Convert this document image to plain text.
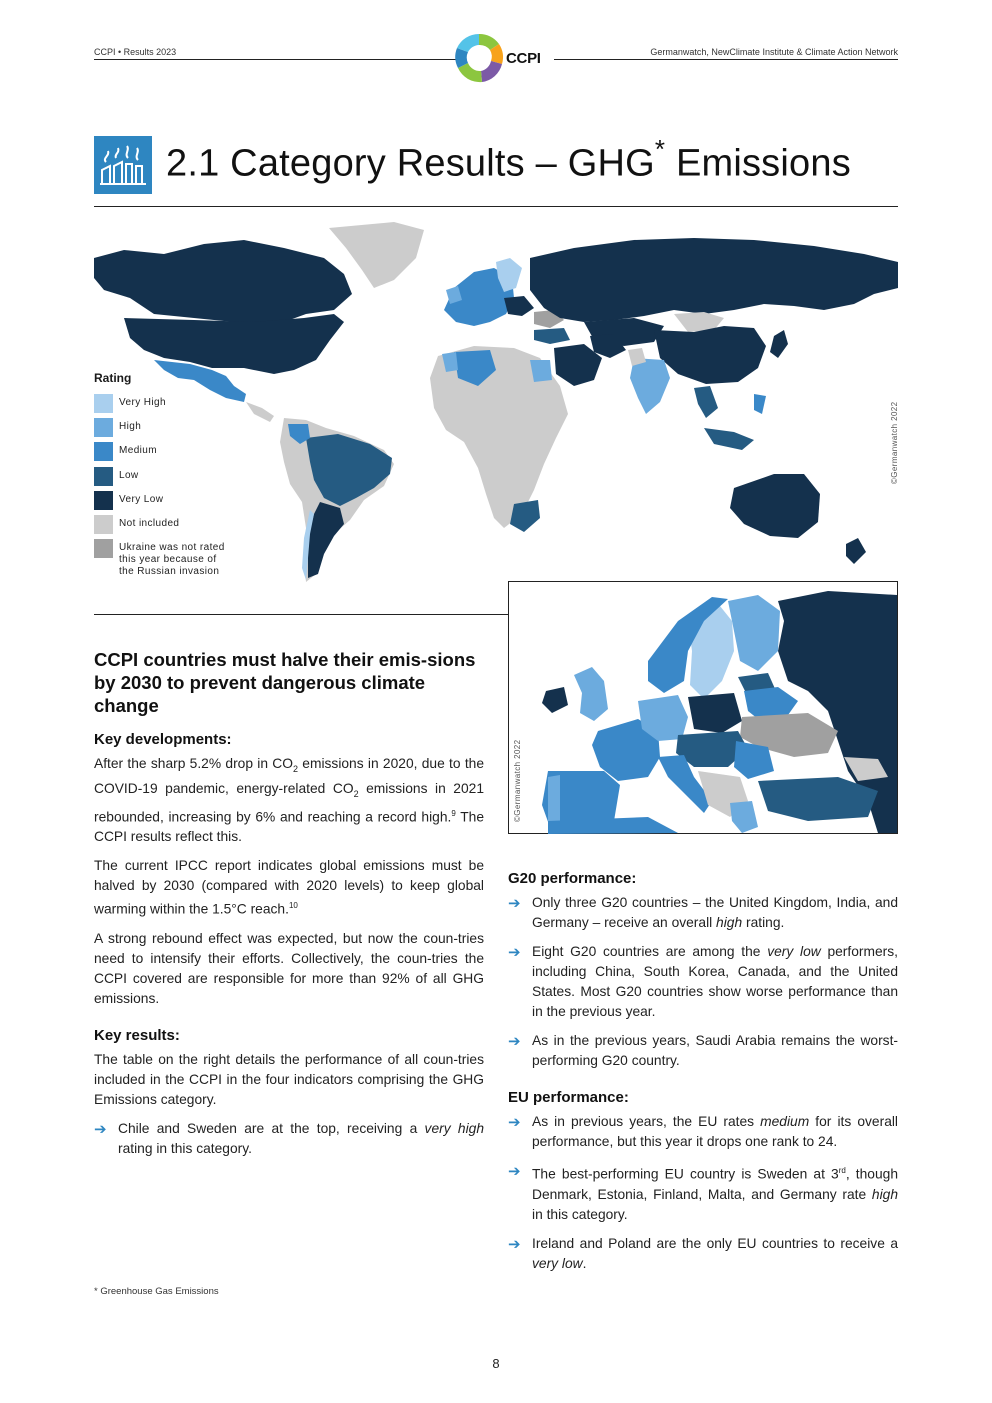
CCPI • Results 2023	CCPI	Germanwatch, NewClimate Institute & Climate Action Network
2.1 Category Results – GHG* Emissions
Rating
Very High
High
Medium
Low
Very Low
Not included
Ukraine was not rated
this year because of
the Russian invasion
©Germanwatch 2022
©Germanwatch 2022
CCPI countries must halve their emis-sions by 2030 to prevent dangerous climate change
Key developments:

After the sharp 5.2% drop in $CO_2$ emissions in 2020, due to the COVID-19 pandemic, energy-related $CO_2$ emissions in 2021 rebounded, increasing by 6% and reaching a record high.$^9$ The CCPI results reflect this.

The current IPCC report indicates global emissions must be halved by 2030 (compared with 2020 levels) to keep global warming within the 1.5°C reach.$^{10}$

A strong rebound effect was expected, but now the coun-tries need to intensify their efforts. Collectively, the coun-tries the CCPI covered are responsible for more than 92% of all GHG emissions.

Key results:

The table on the right details the performance of all coun-tries included in the CCPI in the four indicators comprising the GHG Emissions category.

➔ Chile and Sweden are at the top, receiving a very high rating in this category.
G20 performance:
➔ Only three G20 countries – the United Kingdom, India, and Germany – receive an overall high rating.
➔ Eight G20 countries are among the very low performers, including China, South Korea, Canada, and the United States. Most G20 countries show worse performance than in the previous year.
➔ As in the previous years, Saudi Arabia remains the worst-performing G20 country.
EU performance:
➔ As in previous years, the EU rates medium for its overall performance, but this year it drops one rank to 24.
➔ The best-performing EU country is Sweden at 3rd, though Denmark, Estonia, Finland, Malta, and Germany rate high in this category.
➔ Ireland and Poland are the only EU countries to receive a very low.
* Greenhouse Gas Emissions
8
